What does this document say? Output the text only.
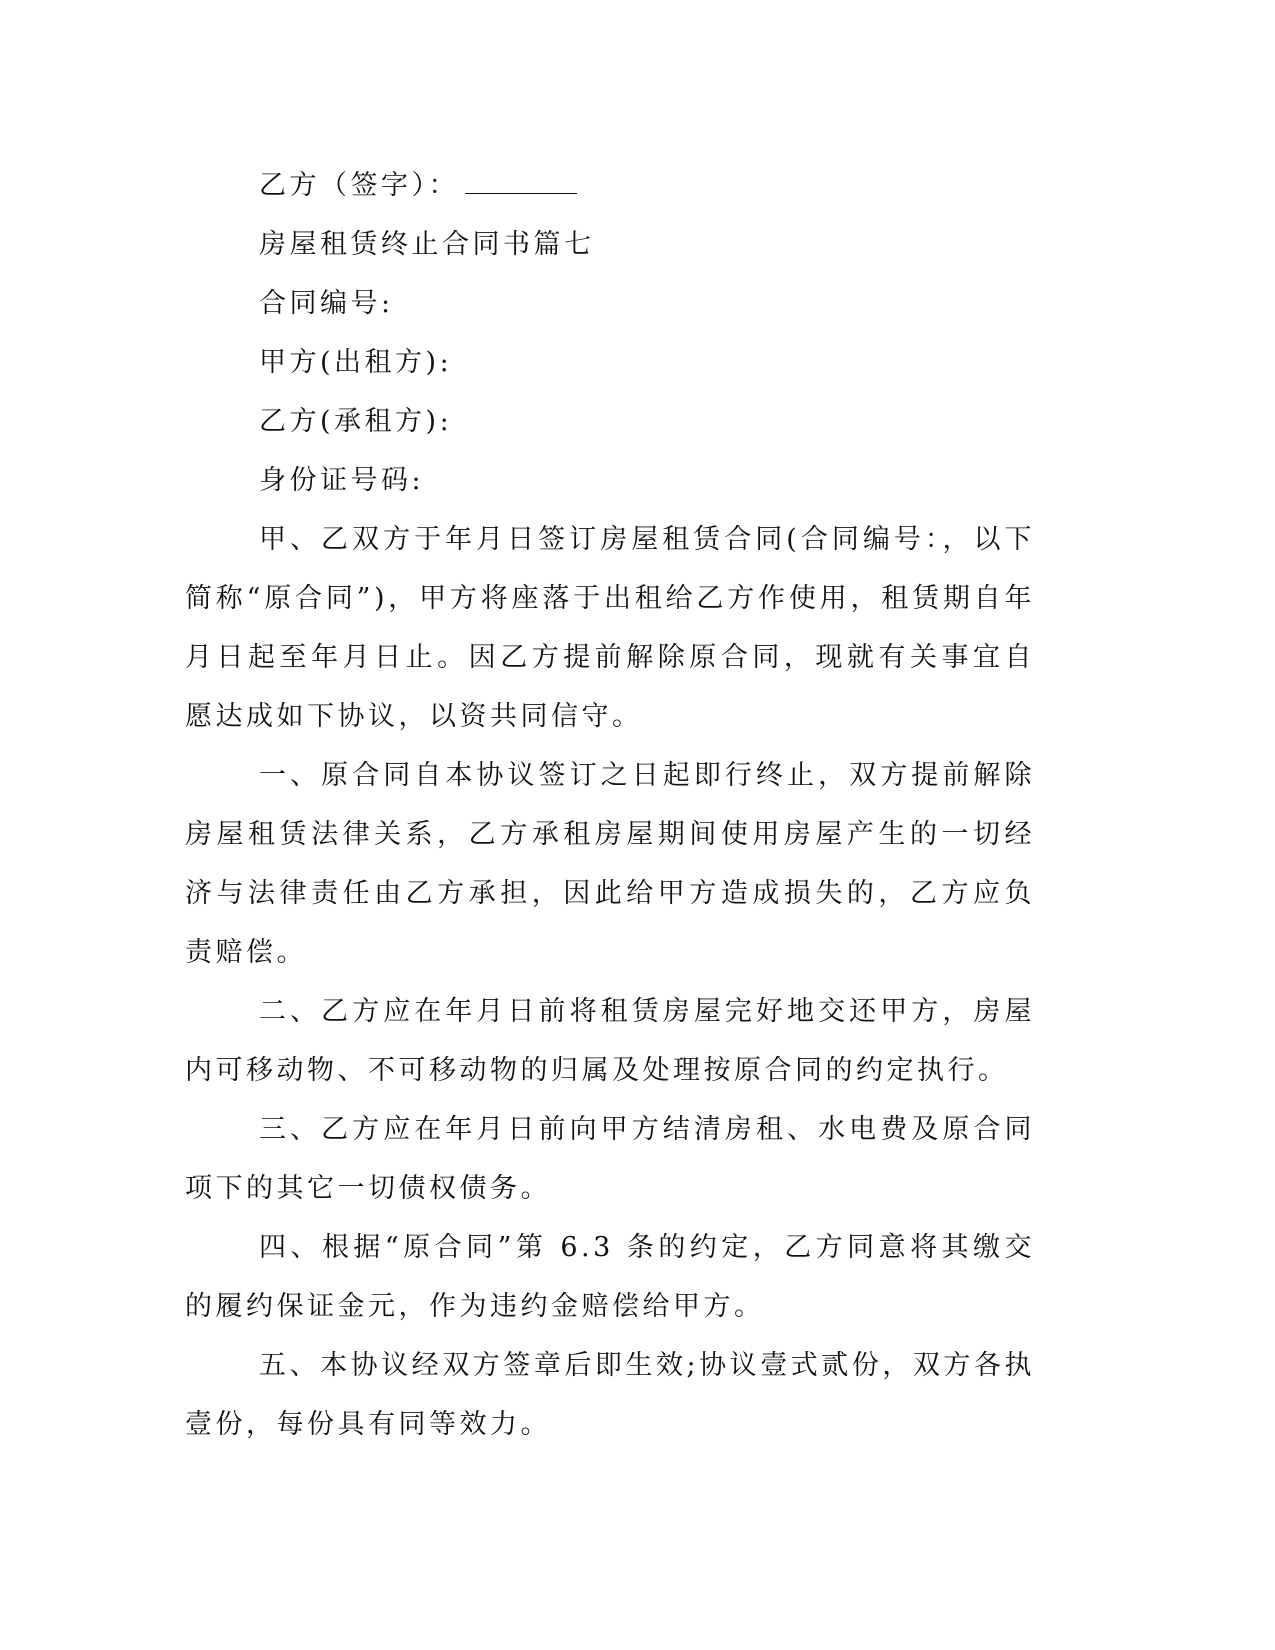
乙方（签字）：
房屋租赁终止合同书篇七
合同编号:
甲方(出租方):
乙方(承租方):
身份证号码:

甲、乙双方于年月日签订房屋租赁合同(合同编号：，以下简称“原合同”)，甲方将座落于出租给乙方作使用，租赁期自年月日起至年月日止。因乙方提前解除原合同，现就有关事宜自愿达成如下协议，以资共同信守。

一、原合同自本协议签订之日起即行终止，双方提前解除房屋租赁法律关系，乙方承租房屋期间使用房屋产生的一切经济与法律责任由乙方承担，因此给甲方造成损失的，乙方应负责赔偿。

二、乙方应在年月日前将租赁房屋完好地交还甲方，房屋内可移动物、不可移动物的归属及处理按原合同的约定执行。

三、乙方应在年月日前向甲方结清房租、水电费及原合同项下的其它一切债权债务。

四、根据“原合同”第 6.3 条的约定，乙方同意将其缴交的履约保证金元，作为违约金赔偿给甲方。

五、本协议经双方签章后即生效;协议壹式贰份，双方各执壹份，每份具有同等效力。
